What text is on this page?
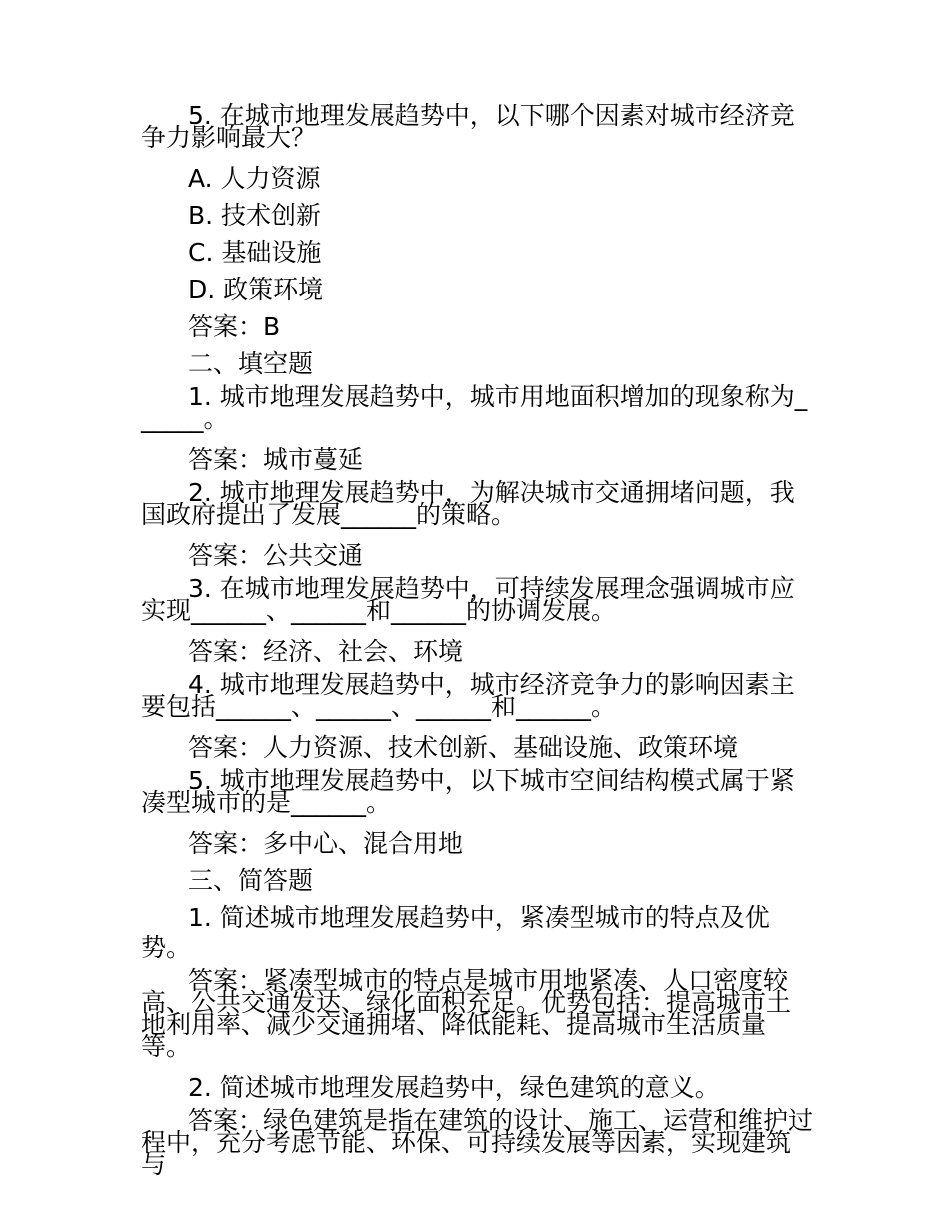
5. 在城市地理发展趋势中，以下哪个因素对城市经济竞争力影响最大？

A. 人力资源

B. 技术创新

C. 基础设施

D. 政策环境

答案：B

二、填空题

1. 城市地理发展趋势中，城市用地面积增加的现象称为______。

答案：城市蔓延

2. 城市地理发展趋势中，为解决城市交通拥堵问题，我国政府提出了发展______的策略。

答案：公共交通

3. 在城市地理发展趋势中，可持续发展理念强调城市应实现______、______和______的协调发展。

答案：经济、社会、环境

4. 城市地理发展趋势中，城市经济竞争力的影响因素主要包括______、______、______和______。

答案：人力资源、技术创新、基础设施、政策环境

5. 城市地理发展趋势中，以下城市空间结构模式属于紧凑型城市的是______。

答案：多中心、混合用地

三、简答题

1. 简述城市地理发展趋势中，紧凑型城市的特点及优势。

答案：紧凑型城市的特点是城市用地紧凑、人口密度较高、公共交通发达、绿化面积充足。优势包括：提高城市土地利用率、减少交通拥堵、降低能耗、提高城市生活质量等。

2. 简述城市地理发展趋势中，绿色建筑的意义。

答案：绿色建筑是指在建筑的设计、施工、运营和维护过程中，充分考虑节能、环保、可持续发展等因素，实现建筑与
